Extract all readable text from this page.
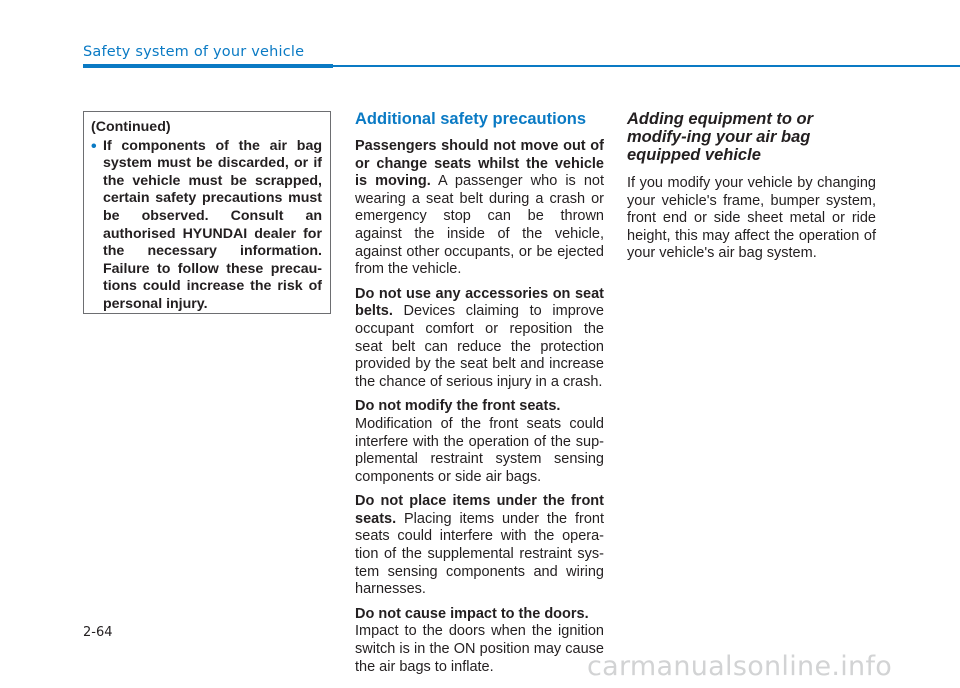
Safety system of your vehicle
(Continued)
• If components of the air bag system must be discarded, or if the vehicle must be scrapped, certain safety precautions must be observed. Consult an authorised HYUNDAI dealer for the necessary information. Failure to follow these precau-tions could increase the risk of personal injury.
Additional safety precautions

Passengers should not move out of or change seats whilst the vehicle is moving. A passenger who is not wearing a seat belt during a crash or emergency stop can be thrown against the inside of the vehicle, against other occupants, or be ejected from the vehicle.

Do not use any accessories on seat belts. Devices claiming to improve occupant comfort or reposition the seat belt can reduce the protection provided by the seat belt and increase the chance of serious injury in a crash.

Do not modify the front seats.
Modification of the front seats could interfere with the operation of the sup-plemental restraint system sensing components or side air bags.

Do not place items under the front seats. Placing items under the front seats could interfere with the opera-tion of the supplemental restraint sys-tem sensing components and wiring harnesses.

Do not cause impact to the doors.
Impact to the doors when the ignition switch is in the ON position may cause the air bags to inflate.

Adding equipment to or modify-ing your air bag equipped vehicle

If you modify your vehicle by changing your vehicle's frame, bumper system, front end or side sheet metal or ride height, this may affect the operation of your vehicle's air bag system.

2-64
carmanualsonline.info
